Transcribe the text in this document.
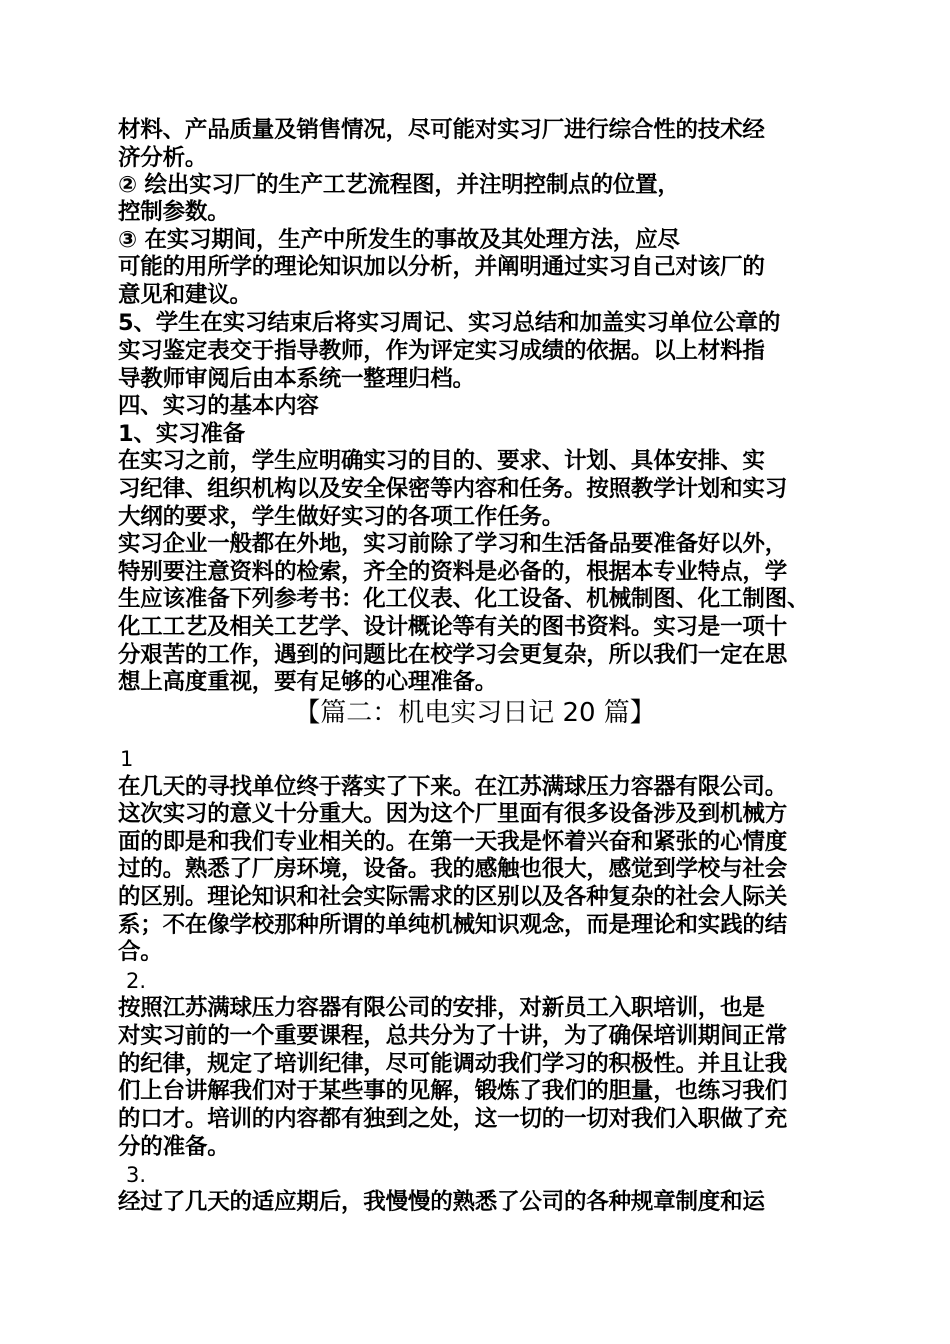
材料、产品质量及销售情况，尽可能对实习厂进行综合性的技术经
济分析。
② 绘出实习厂的生产工艺流程图，并注明控制点的位置，
控制参数。
③ 在实习期间，生产中所发生的事故及其处理方法，应尽
可能的用所学的理论知识加以分析，并阐明通过实习自己对该厂的
意见和建议。
5、学生在实习结束后将实习周记、实习总结和加盖实习单位公章的
实习鉴定表交于指导教师，作为评定实习成绩的依据。以上材料指
导教师审阅后由本系统一整理归档。
四、实习的基本内容
1、实习准备
在实习之前，学生应明确实习的目的、要求、计划、具体安排、实
习纪律、组织机构以及安全保密等内容和任务。按照教学计划和实习
大纲的要求，学生做好实习的各项工作任务。
实习企业一般都在外地，实习前除了学习和生活备品要准备好以外，
特别要注意资料的检索，齐全的资料是必备的，根据本专业特点，学
生应该准备下列参考书：化工仪表、化工设备、机械制图、化工制图、
化工工艺及相关工艺学、设计概论等有关的图书资料。实习是一项十
分艰苦的工作，遇到的问题比在校学习会更复杂，所以我们一定在思
想上高度重视，要有足够的心理准备。
【篇二：机电实习日记 20 篇】
1
在几天的寻找单位终于落实了下来。在江苏满球压力容器有限公司。
这次实习的意义十分重大。因为这个厂里面有很多设备涉及到机械方
面的即是和我们专业相关的。在第一天我是怀着兴奋和紧张的心情度
过的。熟悉了厂房环境，设备。我的感触也很大，感觉到学校与社会
的区别。理论知识和社会实际需求的区别以及各种复杂的社会人际关
系；不在像学校那种所谓的单纯机械知识观念，而是理论和实践的结
合。
2.
按照江苏满球压力容器有限公司的安排，对新员工入职培训，也是
对实习前的一个重要课程，总共分为了十讲，为了确保培训期间正常
的纪律，规定了培训纪律，尽可能调动我们学习的积极性。并且让我
们上台讲解我们对于某些事的见解，锻炼了我们的胆量，也练习我们
的口才。培训的内容都有独到之处，这一切的一切对我们入职做了充
分的准备。
3.
经过了几天的适应期后，我慢慢的熟悉了公司的各种规章制度和运
